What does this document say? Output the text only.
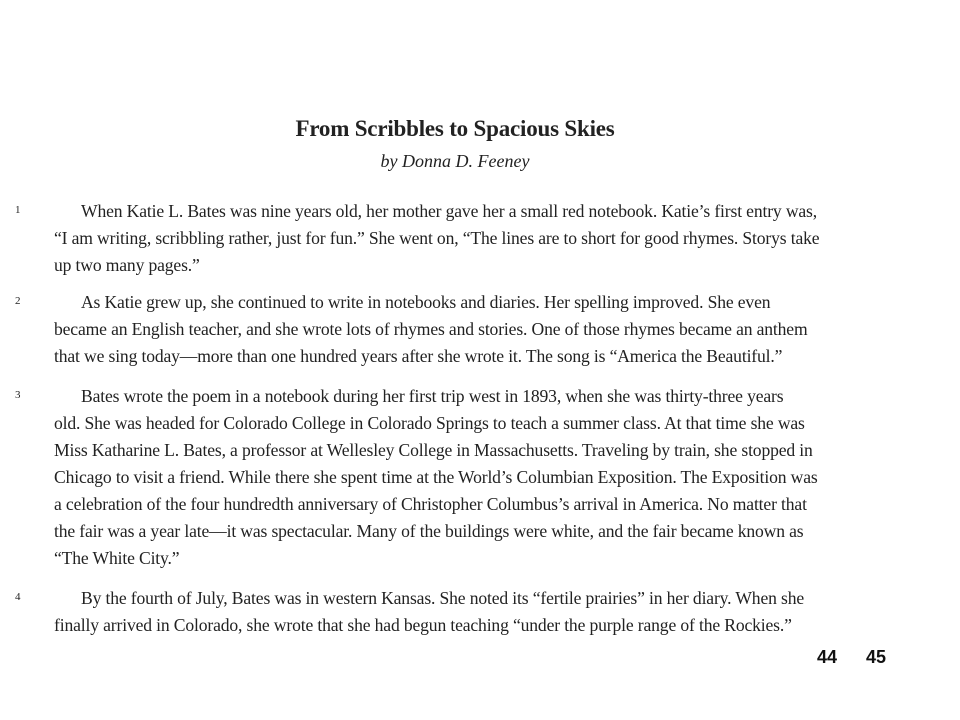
From Scribbles to Spacious Skies
by Donna D. Feeney
1	When Katie L. Bates was nine years old, her mother gave her a small red notebook. Katie’s first entry was,
“I am writing, scribbling rather, just for fun.” She went on, “The lines are to short for good rhymes. Storys take
up two many pages.”
2	As Katie grew up, she continued to write in notebooks and diaries. Her spelling improved. She even
became an English teacher, and she wrote lots of rhymes and stories. One of those rhymes became an anthem
that we sing today—more than one hundred years after she wrote it. The song is “America the Beautiful.”
3	Bates wrote the poem in a notebook during her first trip west in 1893, when she was thirty-three years
old. She was headed for Colorado College in Colorado Springs to teach a summer class. At that time she was
Miss Katharine L. Bates, a professor at Wellesley College in Massachusetts. Traveling by train, she stopped in
Chicago to visit a friend. While there she spent time at the World’s Columbian Exposition. The Exposition was
a celebration of the four hundredth anniversary of Christopher Columbus’s arrival in America. No matter that
the fair was a year late—it was spectacular. Many of the buildings were white, and the fair became known as
“The White City.”
4	By the fourth of July, Bates was in western Kansas. She noted its “fertile prairies” in her diary. When she
finally arrived in Colorado, she wrote that she had begun teaching “under the purple range of the Rockies.”
44 45
